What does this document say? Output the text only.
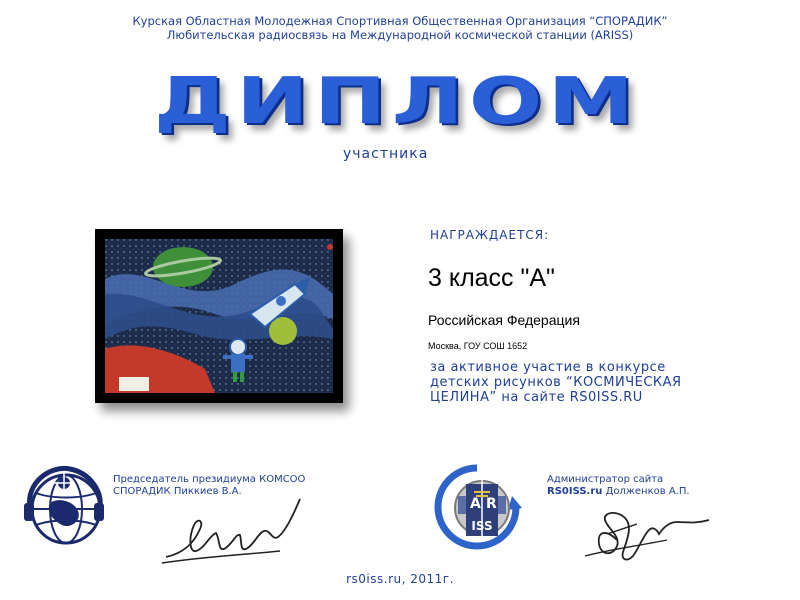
Курская Областная Молодежная Спортивная Общественная Организация “СПОРАДИК”
Любительская радиосвязь на Международной космической станции (ARISS)
ДИПЛОМ
участника
НАГРАЖДАЕТСЯ:
3 класс "А"
Российская Федерация
Москва, ГОУ СОШ 1652
за активное участие в конкурсе
детских рисунков “КОСМИЧЕСКАЯ
ЦЕЛИНА” на сайте RS0ISS.RU
Председатель президиума КОМСОО
СПОРАДИК Пиккиев В.А.
A R
ISS
Администратор сайта
RS0ISS.ru Долженков А.П.
rs0iss.ru, 2011г.
